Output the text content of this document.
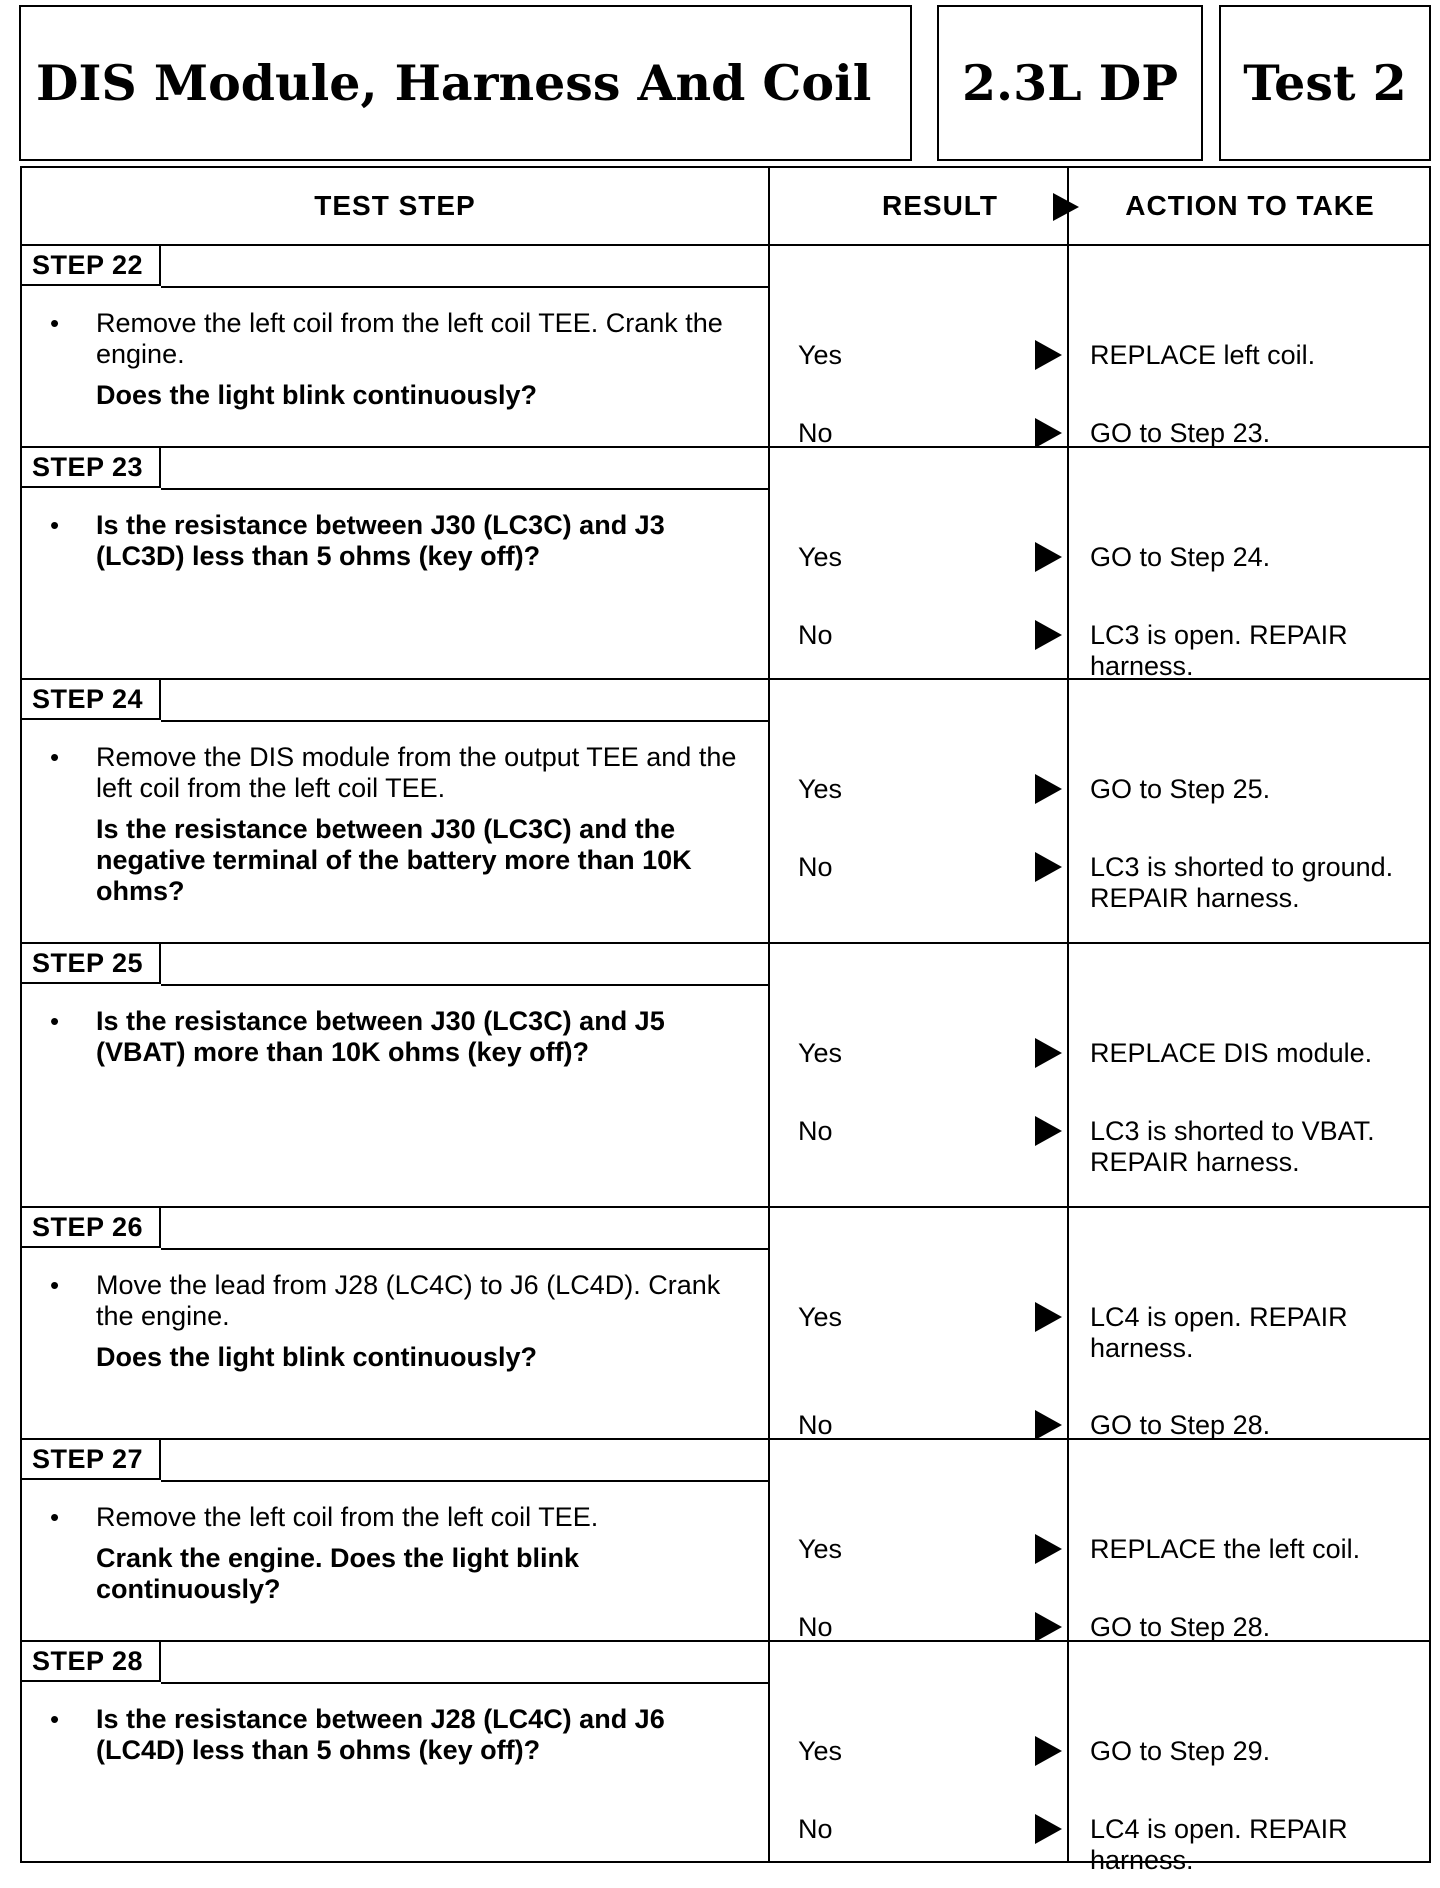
DIS Module, Harness And Coil	2.3L DP	Test 2
TEST STEP	RESULT	ACTION TO TAKE
STEP 22
• Remove the left coil from the left coil TEE. Crank the engine.

Does the light blink continuously?

Yes	REPLACE left coil.
No	GO to Step 23.
STEP 23
• Is the resistance between J30 (LC3C) and J3 (LC3D) less than 5 ohms (key off)?	Yes	GO to Step 24.
No	LC3 is open. REPAIR harness.
STEP 24
• Remove the DIS module from the output TEE and the left coil from the left coil TEE.

Is the resistance between J30 (LC3C) and the negative terminal of the battery more than 10K ohms?

Yes	GO to Step 25.
No	LC3 is shorted to ground. REPAIR harness.
STEP 25
• Is the resistance between J30 (LC3C) and J5 (VBAT) more than 10K ohms (key off)?	Yes	REPLACE DIS module.
No	LC3 is shorted to VBAT. REPAIR harness.
STEP 26
• Move the lead from J28 (LC4C) to J6 (LC4D). Crank the engine.

Does the light blink continuously?

Yes	LC4 is open. REPAIR harness.
No	GO to Step 28.
STEP 27
• Remove the left coil from the left coil TEE.

Crank the engine. Does the light blink continuously?

Yes	REPLACE the left coil.
No	GO to Step 28.
STEP 28
• Is the resistance between J28 (LC4C) and J6 (LC4D) less than 5 ohms (key off)?	Yes	GO to Step 29.
No	LC4 is open. REPAIR harness.
